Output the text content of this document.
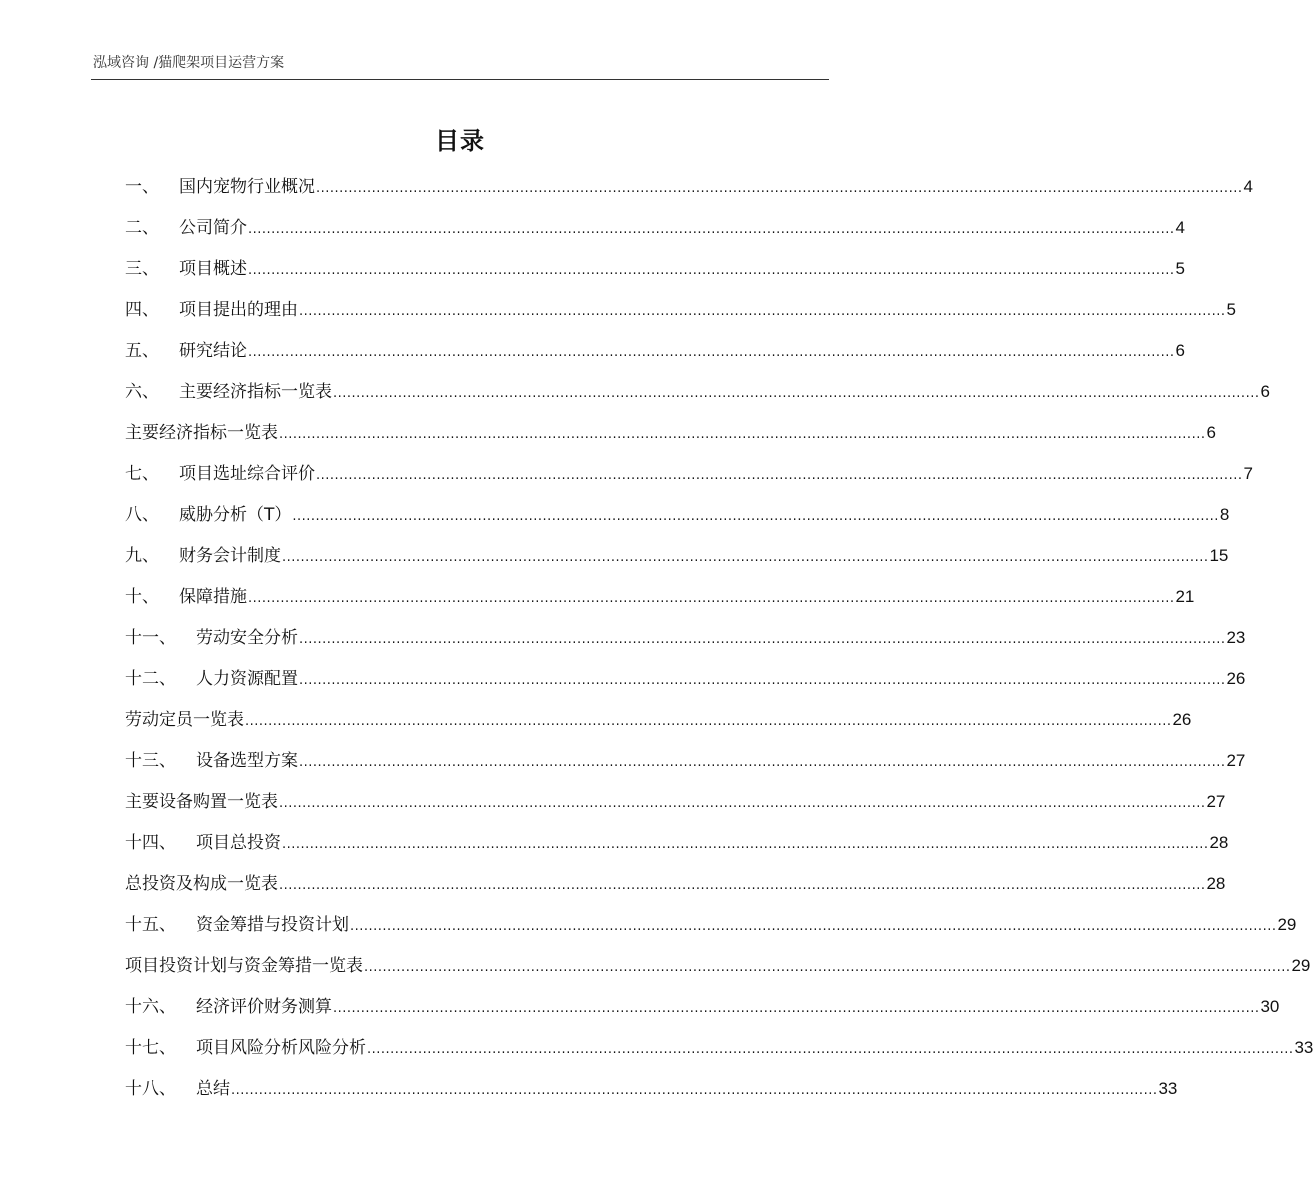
泓域咨询 /猫爬架项目运营方案
目录
一、 国内宠物行业概况 ........................................................................................................................................................................................................ 4
二、 公司简介 ........................................................................................................................................................................................................ 4
三、 项目概述 ........................................................................................................................................................................................................ 5
四、 项目提出的理由 ........................................................................................................................................................................................................ 5
五、 研究结论 ........................................................................................................................................................................................................ 6
六、 主要经济指标一览表 ........................................................................................................................................................................................................ 6
主要经济指标一览表 ........................................................................................................................................................................................................ 6
七、 项目选址综合评价 ........................................................................................................................................................................................................ 7
八、 威胁分析（T） ........................................................................................................................................................................................................ 8
九、 财务会计制度 ........................................................................................................................................................................................................ 15
十、 保障措施 ........................................................................................................................................................................................................ 21
十一、 劳动安全分析 ........................................................................................................................................................................................................ 23
十二、 人力资源配置 ........................................................................................................................................................................................................ 26
劳动定员一览表 ........................................................................................................................................................................................................ 26
十三、 设备选型方案 ........................................................................................................................................................................................................ 27
主要设备购置一览表 ........................................................................................................................................................................................................ 27
十四、 项目总投资 ........................................................................................................................................................................................................ 28
总投资及构成一览表 ........................................................................................................................................................................................................ 28
十五、 资金筹措与投资计划 ........................................................................................................................................................................................................ 29
项目投资计划与资金筹措一览表 ........................................................................................................................................................................................................ 29
十六、 经济评价财务测算 ........................................................................................................................................................................................................ 30
十七、 项目风险分析风险分析 ........................................................................................................................................................................................................ 33
十八、 总结 ........................................................................................................................................................................................................ 33
